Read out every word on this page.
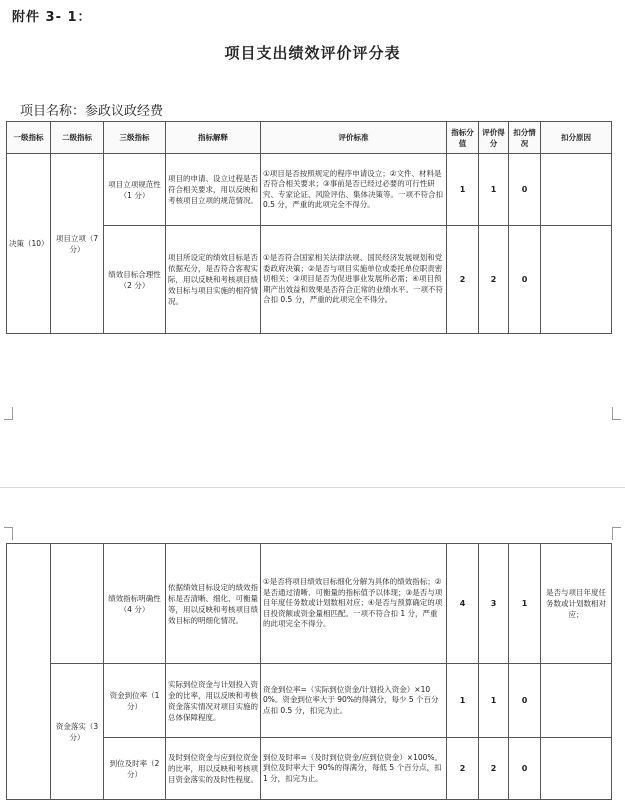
附件 3- 1：
项目支出绩效评价评分表
项目名称：参政议政经费
一级指标	二级指标	三级指标	指标解释	评价标准	指标分值	评价得分	扣分情况	扣分原因
决策（10）	项目立项（7 分）	项目立项规范性（1 分）	项目的申请、设立过程是否符合相关要求，用以反映和考核项目立项的规范情况。	①项目是否按照规定的程序申请设立；②文件、材料是否符合相关要求；③事前是否已经过必要的可行性研究、专家论证、风险评估、集体决策等。一项不符合扣 0.5 分，严重的此项完全不得分。	1	1	0	
		绩效目标合理性（2 分）	项目所设定的绩效目标是否依据充分，是否符合客观实际，用以反映和考核项目绩效目标与项目实施的相符情况。	①是否符合国家相关法律法规、国民经济发展规划和党委政府决策；②是否与项目实施单位或委托单位职责密切相关；③项目是否为促进事业发展所必需；④项目预期产出效益和效果是否符合正常的业绩水平。一项不符合扣 0.5 分，严重的此项完全不得分。	2	2	0	
		绩效指标明确性（4 分）	依据绩效目标设定的绩效指标是否清晰、细化、可衡量等，用以反映和考核项目绩效目标的明细化情况。	①是否将项目绩效目标细化分解为具体的绩效指标；②是否通过清晰、可衡量的指标值予以体现；③是否与项目年度任务数或计划数相对应；④是否与预算确定的项目投资额或资金量相匹配。一项不符合扣 1 分，严重的此项完全不得分。	4	3	1	是否与项目年度任务数或计划数相对应；
	资金落实（3 分）	资金到位率（1 分）	实际到位资金与计划投入资金的比率，用以反映和考核资金落实情况对项目实施的总体保障程度。	资金到位率=（实际到位资金/计划投入资金）×100%。资金到位率大于 90%的得满分，每少 5 个百分点扣 0.5 分，扣完为止。	1	1	0	
		到位及时率（2 分）	及时到位资金与应到位资金的比率，用以反映和考核项目资金落实的及时性程度。	到位及时率=（及时到位资金/应到位资金）×100%。到位及时率大于 90%的得满分，每低 5 个百分点，扣 1 分，扣完为止。	2	2	0	
